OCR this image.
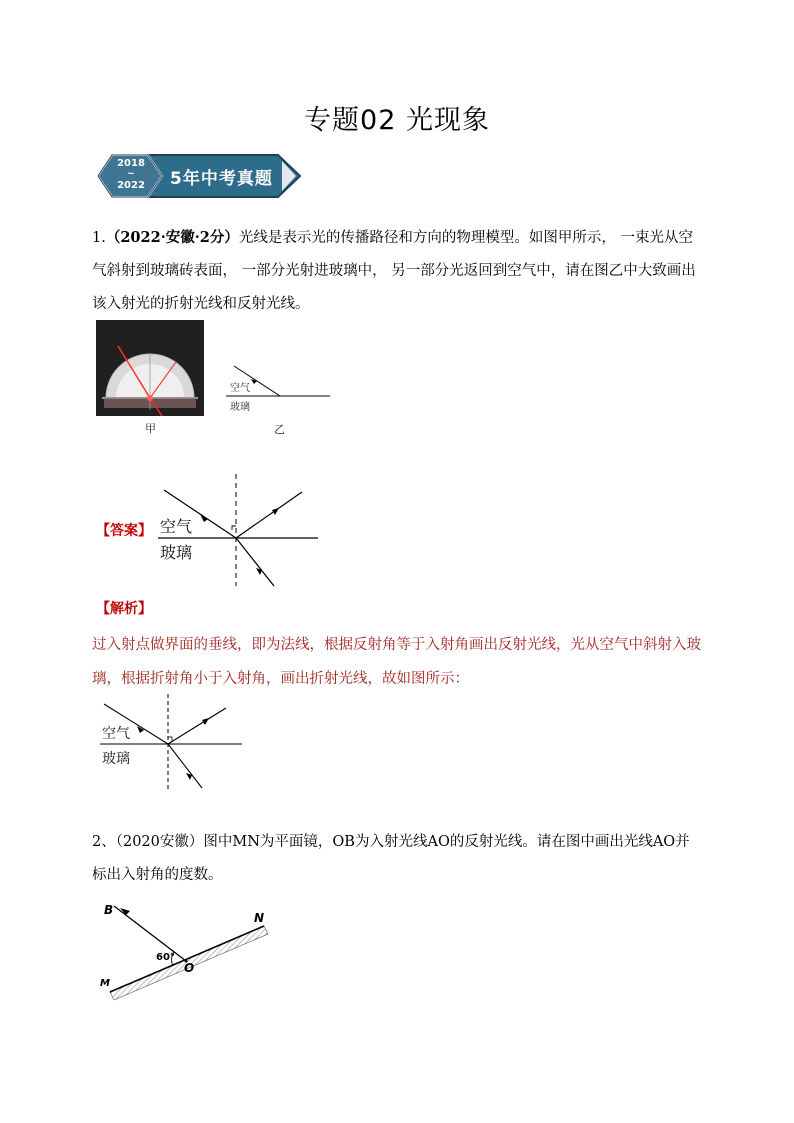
专题02 光现象
2018
~
2022	5年中考真题
1.（2022·安徽·2分）光线是表示光的传播路径和方向的物理模型。如图甲所示， 一束光从空气斜射到玻璃砖表面， 一部分光射进玻璃中， 另一部分光返回到空气中，请在图乙中大致画出该入射光的折射光线和反射光线。
甲
空气
玻璃
乙
【答案】 空气
玻璃
【解析】
过入射点做界面的垂线，即为法线，根据反射角等于入射角画出反射光线，光从空气中斜射入玻璃，根据折射角小于入射角，画出折射光线，故如图所示：
空气
玻璃
2、（2020安徽）图中MN为平面镜，OB为入射光线AO的反射光线。请在图中画出光线AO并标出入射角的度数。
B
N
M
O
60°
